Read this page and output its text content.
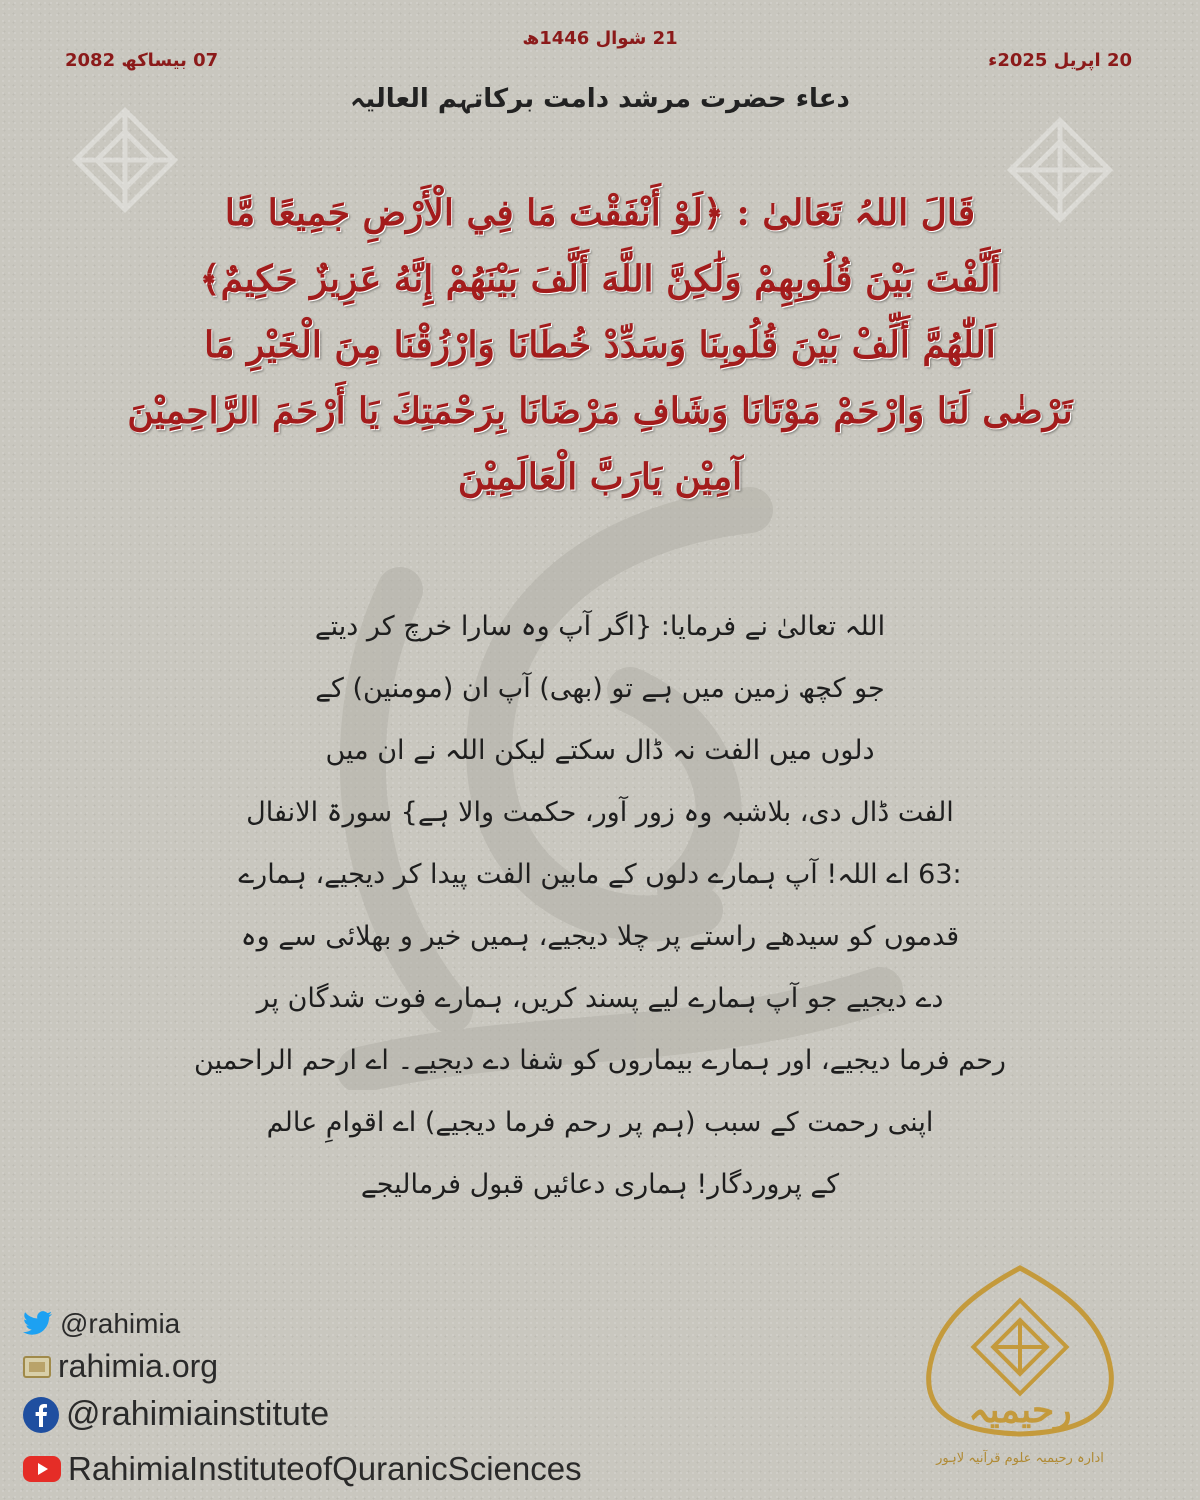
21 شوال 1446ھ
07 بیساکھ 2082	20 اپریل 2025ء
دعاء حضرت مرشد دامت برکاتہم العالیہ
قَالَ اللہُ تَعَالیٰ : ﴿لَوْ أَنْفَقْتَ مَا فِي الْأَرْضِ جَمِيعًا مَّا
أَلَّفْتَ بَيْنَ قُلُوبِهِمْ وَلَٰكِنَّ اللَّهَ أَلَّفَ بَيْنَهُمْ إِنَّهُ عَزِيزٌ حَكِيمٌ﴾
اَللّٰھُمَّ أَلِّفْ بَيْنَ قُلُوبِنَا وَسَدِّدْ خُطَانَا وَارْزُقْنَا مِنَ الْخَيْرِ مَا
تَرْضٰی لَنَا وَارْحَمْ مَوْتَانَا وَشَافِ مَرْضَانَا بِرَحْمَتِكَ يَا أَرْحَمَ الرَّاحِمِيْنَ
آمِیْن یَارَبَّ الْعَالَمِیْنَ
اللہ تعالیٰ نے فرمایا: {اگر آپ وہ سارا خرچ کر دیتے
جو کچھ زمین میں ہے تو (بھی) آپ ان (مومنین) کے
دلوں میں الفت نہ ڈال سکتے لیکن اللہ نے ان میں
الفت ڈال دی، بلاشبہ وہ زور آور، حکمت والا ہے} سورۃ الانفال
:63 اے اللہ! آپ ہمارے دلوں کے مابین الفت پیدا کر دیجیے، ہمارے
قدموں کو سیدھے راستے پر چلا دیجیے، ہمیں خیر و بھلائی سے وہ
دے دیجیے جو آپ ہمارے لیے پسند کریں، ہمارے فوت شدگان پر
رحم فرما دیجیے، اور ہمارے بیماروں کو شفا دے دیجیے۔ اے ارحم الراحمین
اپنی رحمت کے سبب (ہم پر رحم فرما دیجیے) اے اقوامِ عالم
کے پروردگار! ہماری دعائیں قبول فرمالیجے
@rahimia
rahimia.org
@rahimiainstitute
RahimiaInstituteofQuranicSciences
رحیمیہ
ادارہ رحیمیہ علوم قرآنیہ لاہور
